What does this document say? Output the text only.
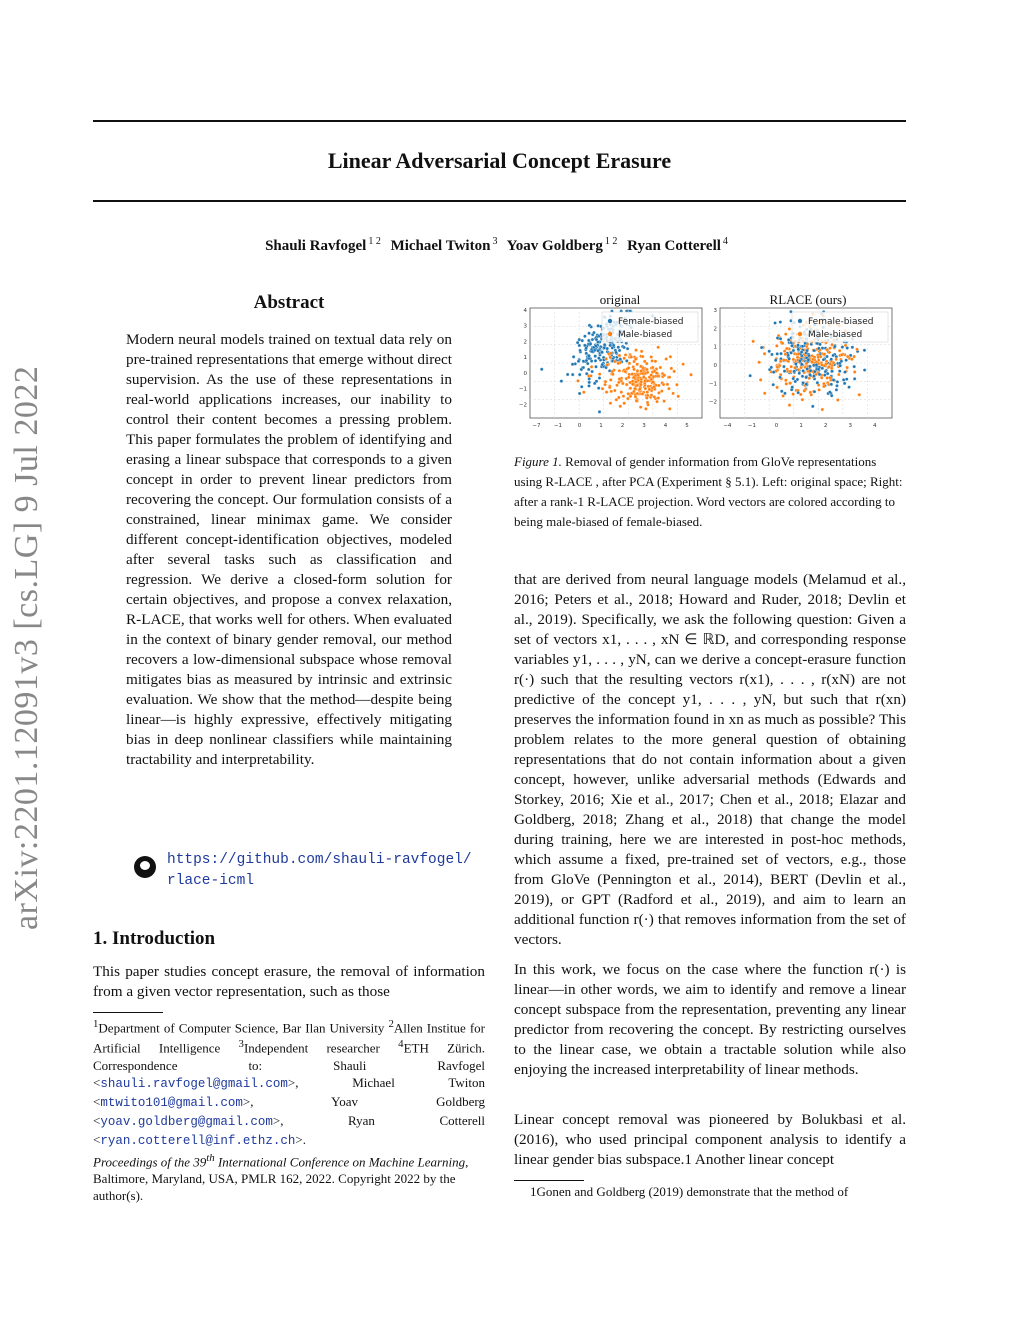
Linear Adversarial Concept Erasure
Shauli Ravfogel $^{1 2}$ Michael Twiton $^3$ Yoav Goldberg $^{1 2}$ Ryan Cotterell $^4$
arXiv:2201.12091v3 [cs.LG] 9 Jul 2022
Abstract
Modern neural models trained on textual data rely on pre-trained representations that emerge without direct supervision. As the use of these representations in real-world applications increases, our inability to control their content becomes a pressing problem. This paper formulates the problem of identifying and erasing a linear subspace that corresponds to a given concept in order to prevent linear predictors from recovering the concept. Our formulation consists of a constrained, linear minimax game. We consider different concept-identification objectives, modeled after several tasks such as classification and regression. We derive a closed-form solution for certain objectives, and propose a convex relaxation, R-LACE, that works well for others. When evaluated in the context of binary gender removal, our method recovers a low-dimensional subspace whose removal mitigates bias as measured by intrinsic and extrinsic evaluation. We show that the method—despite being linear—is highly expressive, effectively mitigating bias in deep nonlinear classifiers while maintaining tractability and interpretability.
https://github.com/shauli-ravfogel/
rlace-icml
1. Introduction
This paper studies concept erasure, the removal of information from a given vector representation, such as those
$^1$Department of Computer Science, Bar Ilan University $^2$Allen Institue for Artificial Intelligence $^3$Independent researcher $^4$ETH Zürich. Correspondence to: Shauli Ravfogel <shauli.ravfogel@gmail.com>, Michael Twiton <mtwito101@gmail.com>, Yoav Goldberg <yoav.goldberg@gmail.com>, Ryan Cotterell <ryan.cotterell@inf.ethz.ch>.
Proceedings of the 39th International Conference on Machine Learning, Baltimore, Maryland, USA, PMLR 162, 2022. Copyright 2022 by the author(s).
original	RLACE (ours)
−7 −1	0	1	2	3	4	5
4
3
2
1
0
−1
−2
Female-biased
Male-biased
−4	−1	0	1	2	3	4
3
2
1
0
−1
−2
Female-biased
Male-biased
Figure 1. Removal of gender information from GloVe representations using R-LACE , after PCA (Experiment § 5.1). Left: original space; Right: after a rank-1 R-LACE projection. Word vectors are colored according to being male-biased of female-biased.
that are derived from neural language models (Melamud et al., 2016; Peters et al., 2018; Howard and Ruder, 2018; Devlin et al., 2019). Specifically, we ask the following question: Given a set of vectors x1, . . . , xN ∈ ℝD, and corresponding response variables y1, . . . , yN, can we derive a concept-erasure function r(·) such that the resulting vectors r(x1), . . . , r(xN) are not predictive of the concept y1, . . . , yN, but such that r(xn) preserves the information found in xn as much as possible? This problem relates to the more general question of obtaining representations that do not contain information about a given concept, however, unlike adversarial methods (Edwards and Storkey, 2016; Xie et al., 2017; Chen et al., 2018; Elazar and Goldberg, 2018; Zhang et al., 2018) that change the model during training, here we are interested in post-hoc methods, which assume a fixed, pre-trained set of vectors, e.g., those from GloVe (Pennington et al., 2014), BERT (Devlin et al., 2019), or GPT (Radford et al., 2019), and aim to learn an additional function r(·) that removes information from the set of vectors.
In this work, we focus on the case where the function r(·) is linear—in other words, we aim to identify and remove a linear concept subspace from the representation, preventing any linear predictor from recovering the concept. By restricting ourselves to the linear case, we obtain a tractable solution while also enjoying the increased interpretability of linear methods.
Linear concept removal was pioneered by Bolukbasi et al. (2016), who used principal component analysis to identify a linear gender bias subspace.1 Another linear concept
1Gonen and Goldberg (2019) demonstrate that the method of
